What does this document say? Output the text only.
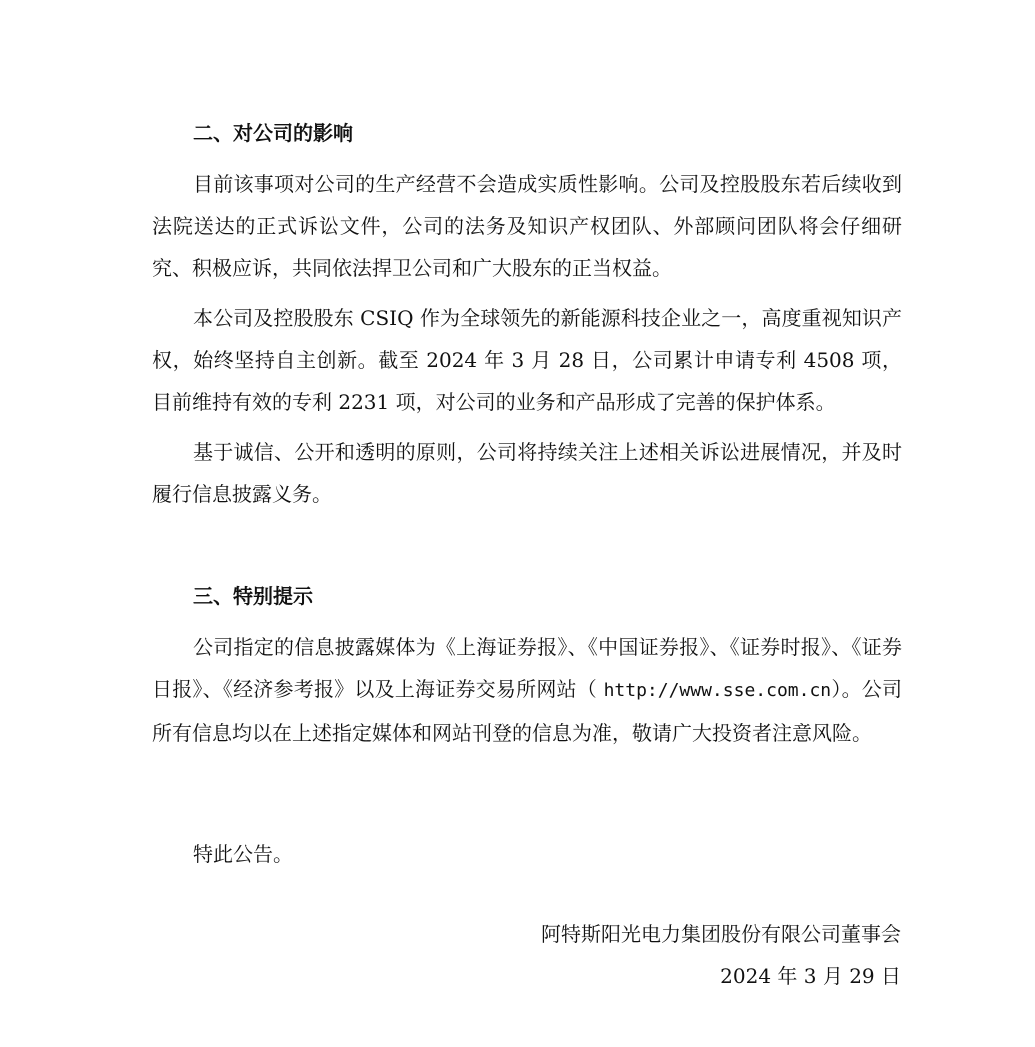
二、对公司的影响

目前该事项对公司的生产经营不会造成实质性影响。公司及控股股东若后续收到法院送达的正式诉讼文件，公司的法务及知识产权团队、外部顾问团队将会仔细研究、积极应诉，共同依法捍卫公司和广大股东的正当权益。

本公司及控股股东 CSIQ 作为全球领先的新能源科技企业之一，高度重视知识产权，始终坚持自主创新。截至 2024 年 3 月 28 日，公司累计申请专利 4508 项，目前维持有效的专利 2231 项，对公司的业务和产品形成了完善的保护体系。

基于诚信、公开和透明的原则，公司将持续关注上述相关诉讼进展情况，并及时履行信息披露义务。

三、特别提示

公司指定的信息披露媒体为《上海证券报》、《中国证券报》、《证券时报》、《证券日报》、《经济参考报》以及上海证券交易所网站（ http://www.sse.com.cn）。公司所有信息均以在上述指定媒体和网站刊登的信息为准，敬请广大投资者注意风险。

特此公告。
阿特斯阳光电力集团股份有限公司董事会
2024 年 3 月 29 日
